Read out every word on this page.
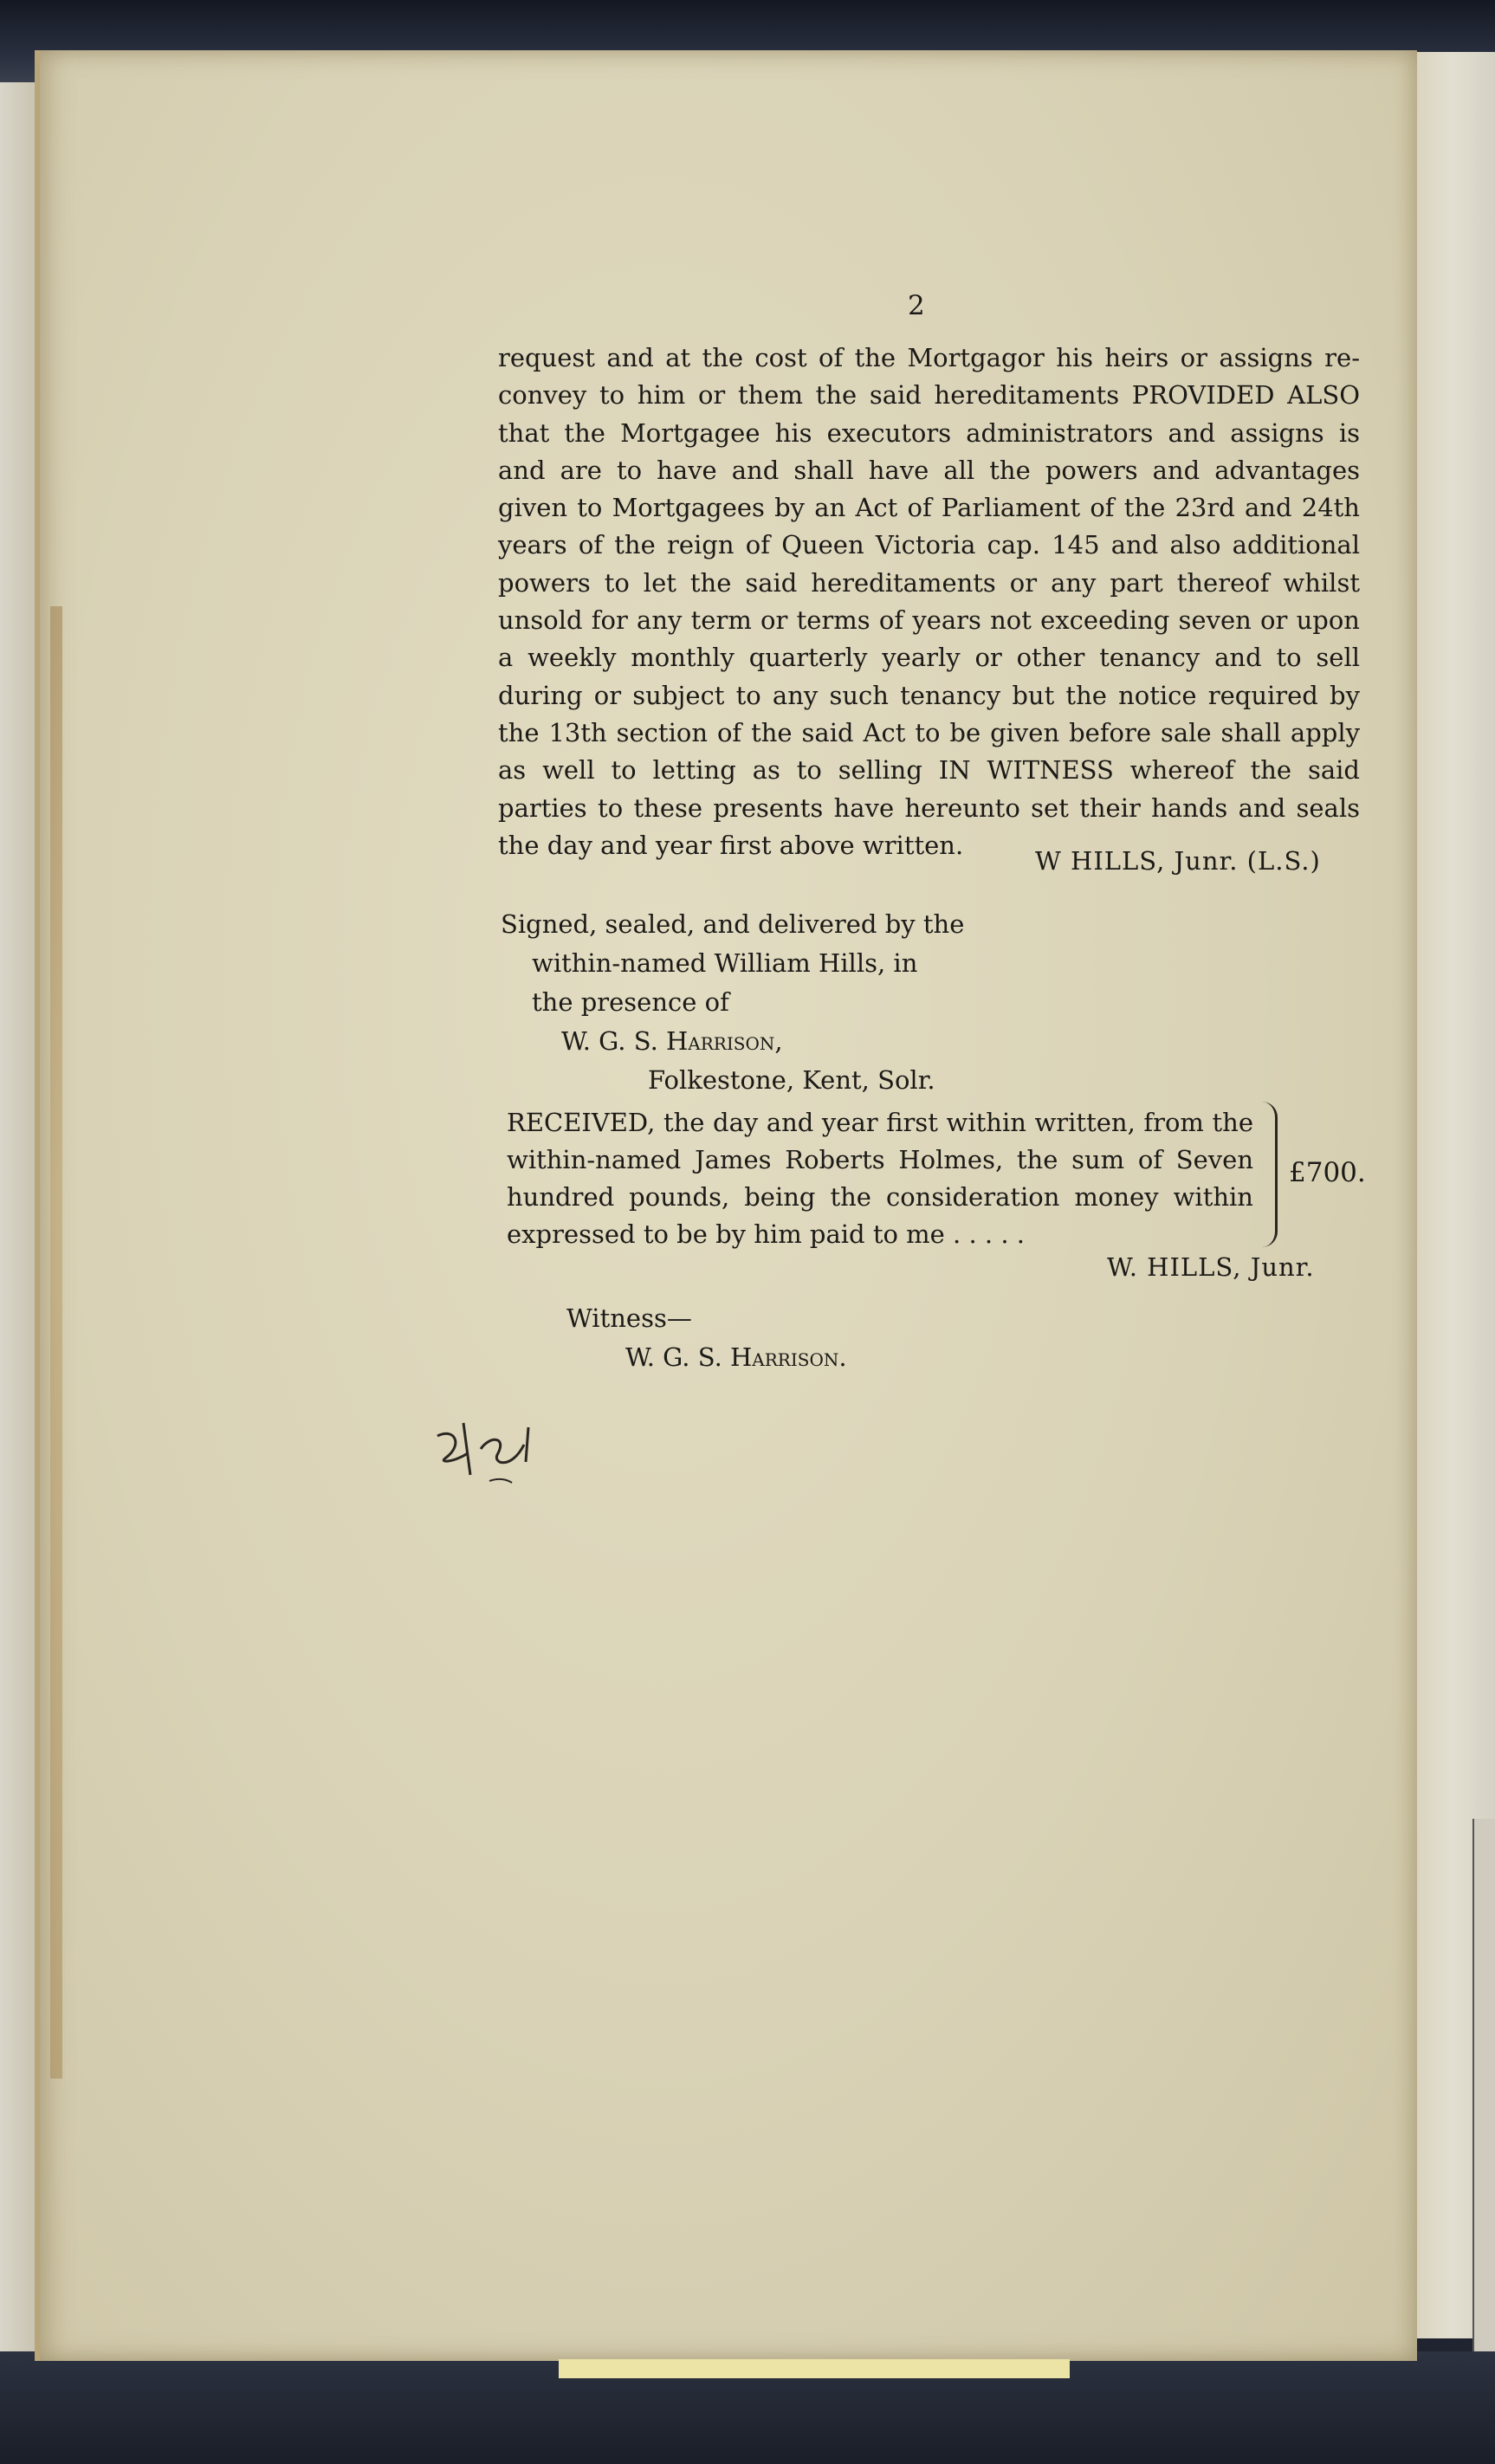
2

request and at the cost of the Mortgagor his heirs or assigns re-convey to him or them the said hereditaments PROVIDED ALSO that the Mortgagee his executors administrators and assigns is and are to have and shall have all the powers and advantages given to Mortgagees by an Act of Parliament of the 23rd and 24th years of the reign of Queen Victoria cap. 145 and also additional powers to let the said hereditaments or any part thereof whilst unsold for any term or terms of years not exceeding seven or upon a weekly monthly quarterly yearly or other tenancy and to sell during or subject to any such tenancy but the notice required by the 13th section of the said Act to be given before sale shall apply as well to letting as to selling IN WITNESS whereof the said parties to these presents have hereunto set their hands and seals the day and year first above written.

W HILLS, Junr. (L.S.)
Signed, sealed, and delivered by the
within-named William Hills, in
the presence of
W. G. S. Harrison,
Folkestone, Kent, Solr.

RECEIVED, the day and year first within written, from the within-named James Roberts Holmes, the sum of Seven hundred pounds, being the consideration money within expressed to be by him paid to me . . . . .

£700.
W. HILLS, Junr.
Witness—
W. G. S. Harrison.
